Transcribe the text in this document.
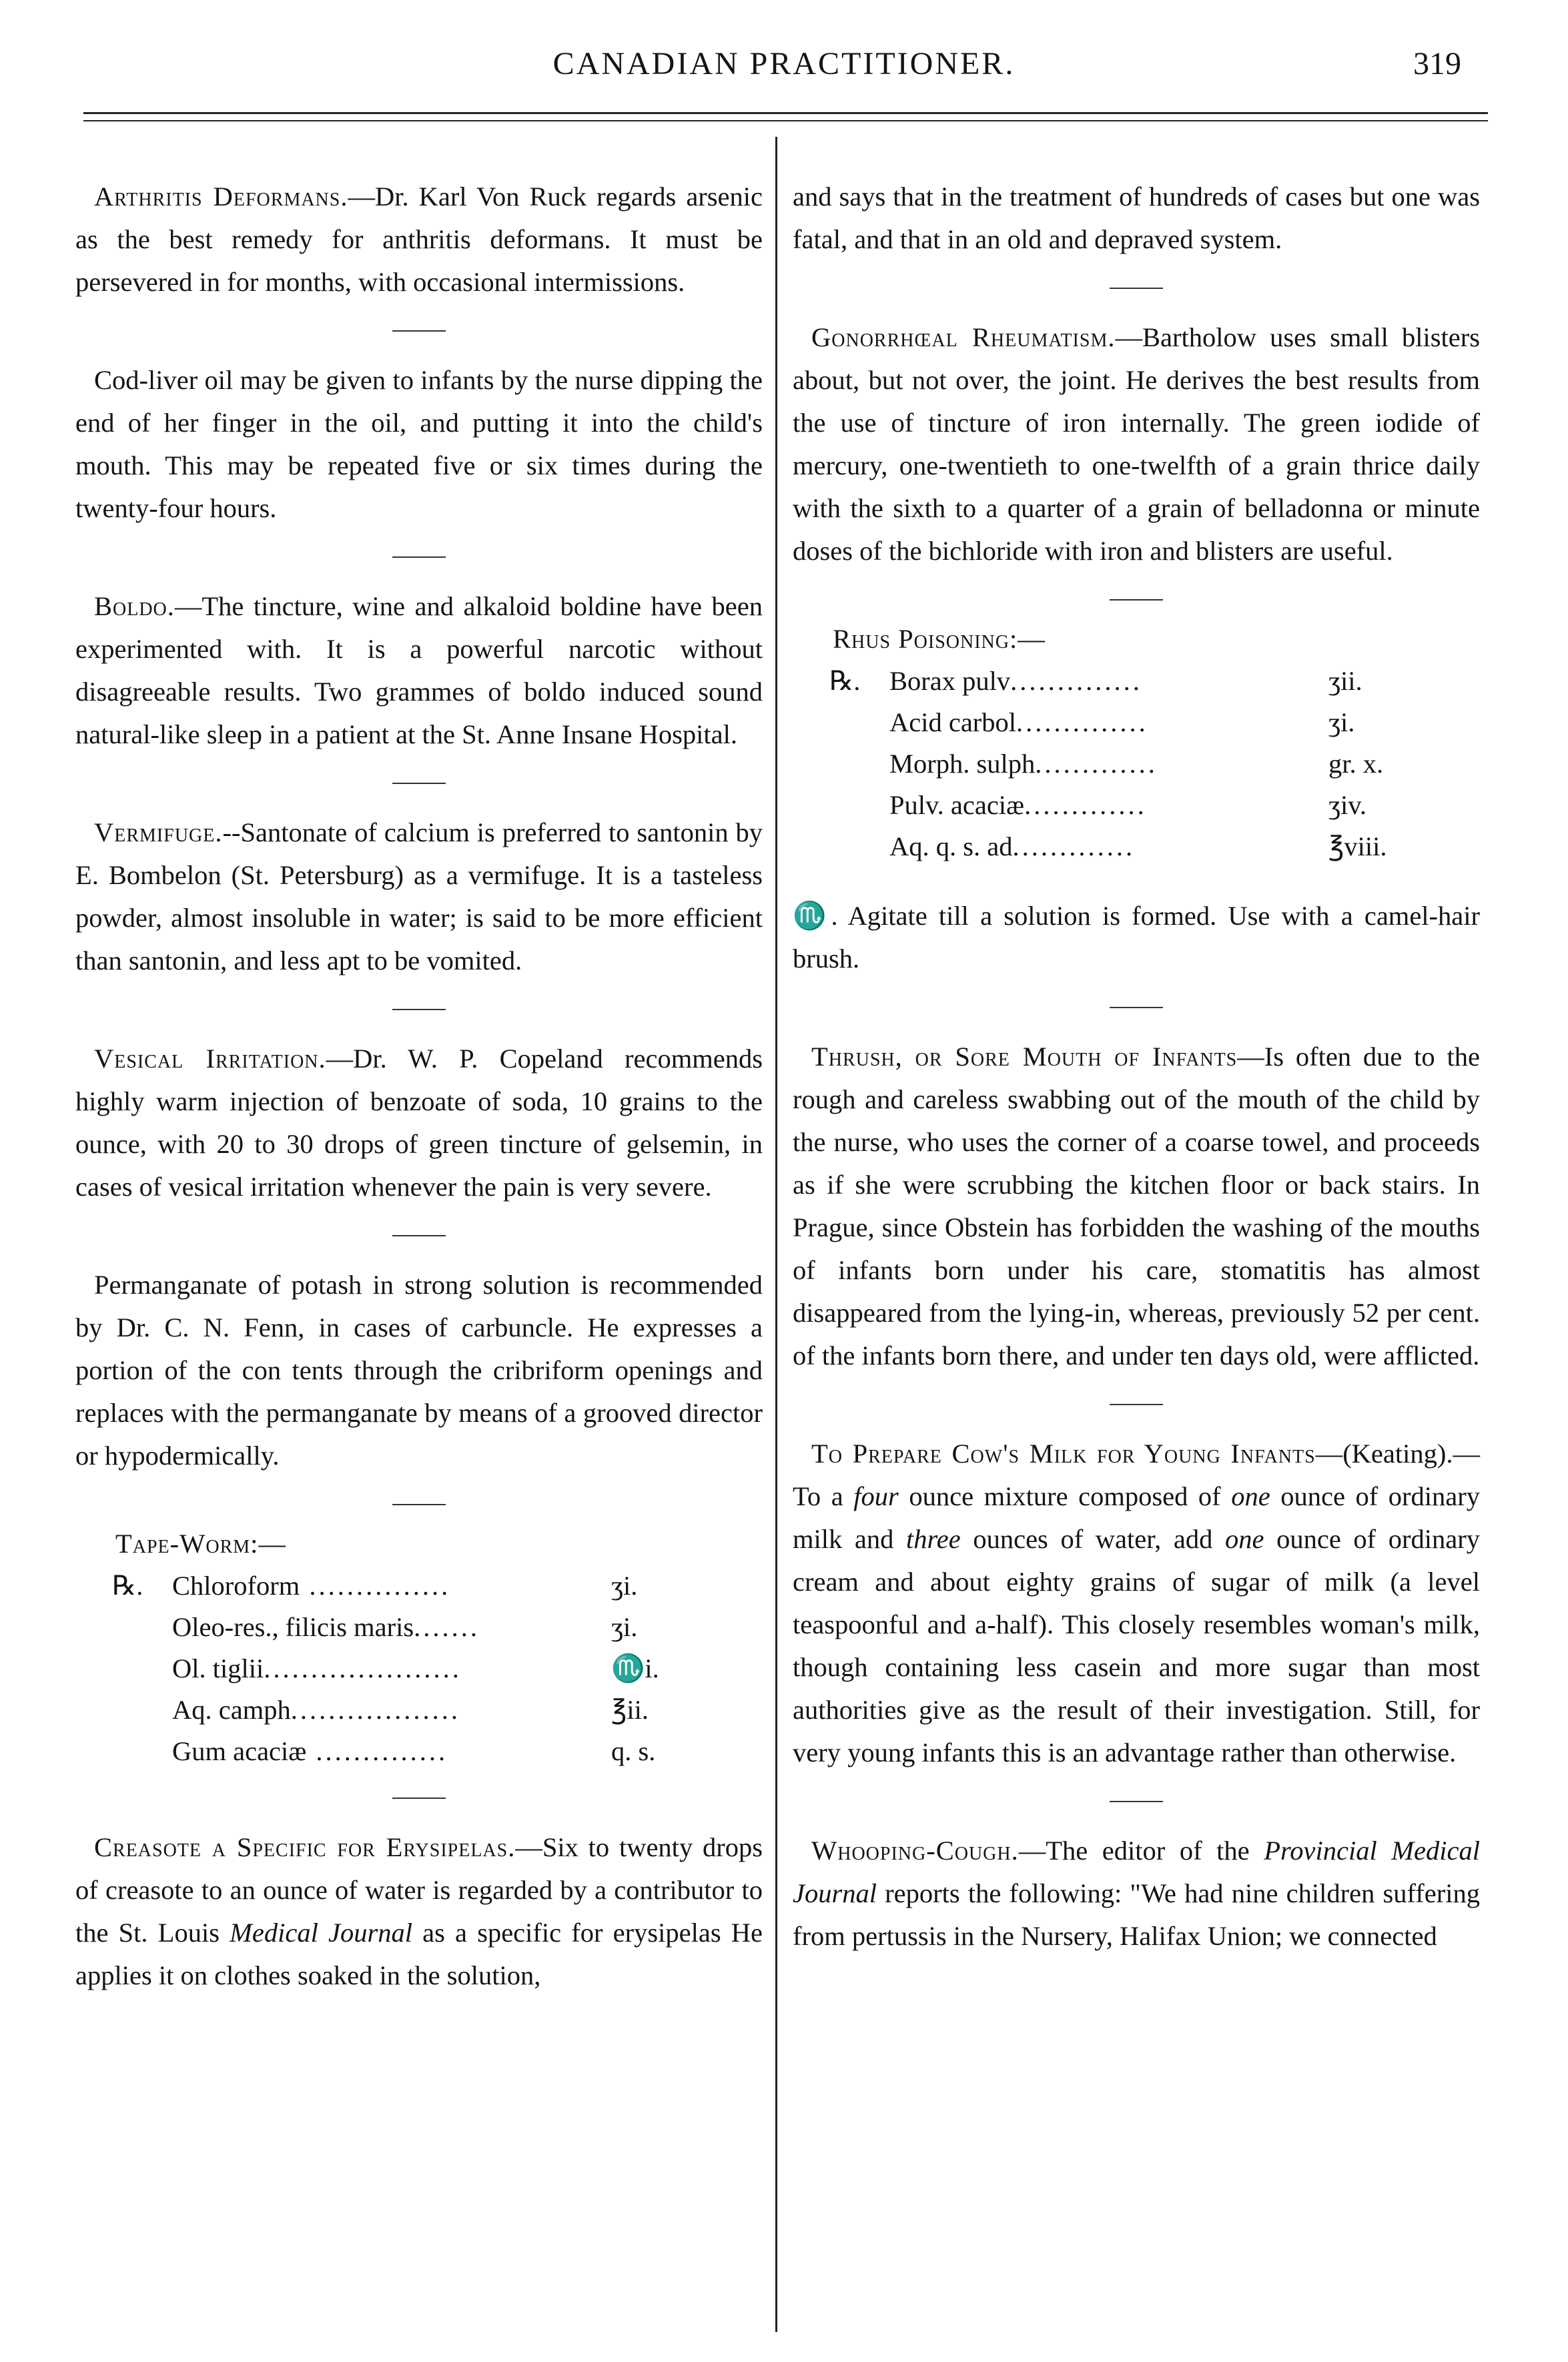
CANADIAN PRACTITIONER.	319

Arthritis Deformans.—Dr. Karl Von Ruck regards arsenic as the best remedy for anthritis deformans. It must be persevered in for months, with occasional intermissions.

Cod-liver oil may be given to infants by the nurse dipping the end of her finger in the oil, and putting it into the child's mouth. This may be repeated five or six times during the twenty-four hours.

Boldo.—The tincture, wine and alkaloid boldine have been experimented with. It is a powerful narcotic without disagreeable results. Two grammes of boldo induced sound natural-like sleep in a patient at the St. Anne Insane Hospital.

Vermifuge.--Santonate of calcium is preferred to santonin by E. Bombelon (St. Petersburg) as a vermifuge. It is a tasteless powder, almost insoluble in water; is said to be more efficient than santonin, and less apt to be vomited.

Vesical Irritation.—Dr. W. P. Copeland recommends highly warm injection of benzoate of soda, 10 grains to the ounce, with 20 to 30 drops of green tincture of gelsemin, in cases of vesical irritation whenever the pain is very severe.

Permanganate of potash in strong solution is recommended by Dr. C. N. Fenn, in cases of carbuncle. He expresses a portion of the con tents through the cribriform openings and replaces with the permanganate by means of a grooved director or hypodermically.

Tape-Worm:—
℞.	Chloroform ...............	ʒi.
	Oleo-res., filicis maris.......	ʒi.
	Ol. tiglii.....................	♏i.
	Aq. camph..................	℥ii.
	Gum acaciæ ..............	q. s.

Creasote a Specific for Erysipelas.—Six to twenty drops of creasote to an ounce of water is regarded by a contributor to the St. Louis Medical Journal as a specific for erysipelas He applies it on clothes soaked in the solution,

and says that in the treatment of hundreds of cases but one was fatal, and that in an old and depraved system.

Gonorrhœal Rheumatism.—Bartholow uses small blisters about, but not over, the joint. He derives the best results from the use of tincture of iron internally. The green iodide of mercury, one-twentieth to one-twelfth of a grain thrice daily with the sixth to a quarter of a grain of belladonna or minute doses of the bichloride with iron and blisters are useful.

Rhus Poisoning:—
℞.	Borax pulv..............	ʒii.
	Acid carbol..............	ʒi.
	Morph. sulph.............	gr. x.
	Pulv. acaciæ.............	ʒiv.
	Aq. q. s. ad.............	℥viii.

♏. Agitate till a solution is formed. Use with a camel-hair brush.

Thrush, or Sore Mouth of Infants—Is often due to the rough and careless swabbing out of the mouth of the child by the nurse, who uses the corner of a coarse towel, and proceeds as if she were scrubbing the kitchen floor or back stairs. In Prague, since Obstein has forbidden the washing of the mouths of infants born under his care, stomatitis has almost disappeared from the lying-in, whereas, previously 52 per cent. of the infants born there, and under ten days old, were afflicted.

To Prepare Cow's Milk for Young Infants—(Keating).—To a four ounce mixture composed of one ounce of ordinary milk and three ounces of water, add one ounce of ordinary cream and about eighty grains of sugar of milk (a level teaspoonful and a-half). This closely resembles woman's milk, though containing less casein and more sugar than most authorities give as the result of their investigation. Still, for very young infants this is an advantage rather than otherwise.

Whooping-Cough.—The editor of the Provincial Medical Journal reports the following: "We had nine children suffering from pertussis in the Nursery, Halifax Union; we connected
